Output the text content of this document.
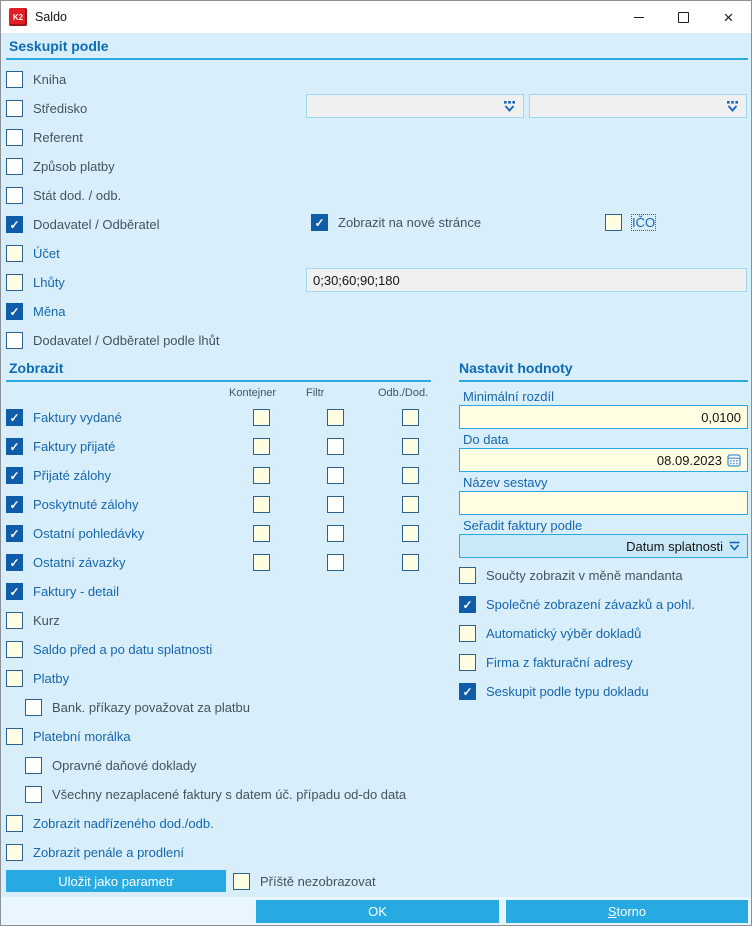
K2 Saldo	×
Seskupit podle
Kniha
Středisko
Referent
Způsob platby
Stát dod. / odb.
✓
Dodavatel / Odběratel
Účet
Lhůty
✓
Měna
Dodavatel / Odběratel podle lhůt
✓
Zobrazit na nové stránce	IČO
0;30;60;90;180
Zobrazit
Kontejner	Filtr	Odb./Dod.
✓
Faktury vydané
✓
Faktury přijaté
✓
Přijaté zálohy
✓
Poskytnuté zálohy
✓
Ostatní pohledávky
✓
Ostatní závazky
✓
Faktury - detail
Kurz
Saldo před a po datu splatnosti
Platby
Bank. příkazy považovat za platbu
Platební morálka
Opravné daňové doklady
Všechny nezaplacené faktury s datem úč. případu od-do data
Zobrazit nadřízeného dod./odb.
Zobrazit penále a prodlení
Nastavit hodnoty
Minimální rozdíl
0,0100
Do data
08.09.2023
Název sestavy
Seřadit faktury podle
Datum splatnosti
Součty zobrazit v měně mandanta
✓
Společné zobrazení závazků a pohl.
Automatický výběr dokladů
Firma z fakturační adresy
✓
Seskupit podle typu dokladu
Uložit jako parametr	Příště nezobrazovat
OK	Storno
